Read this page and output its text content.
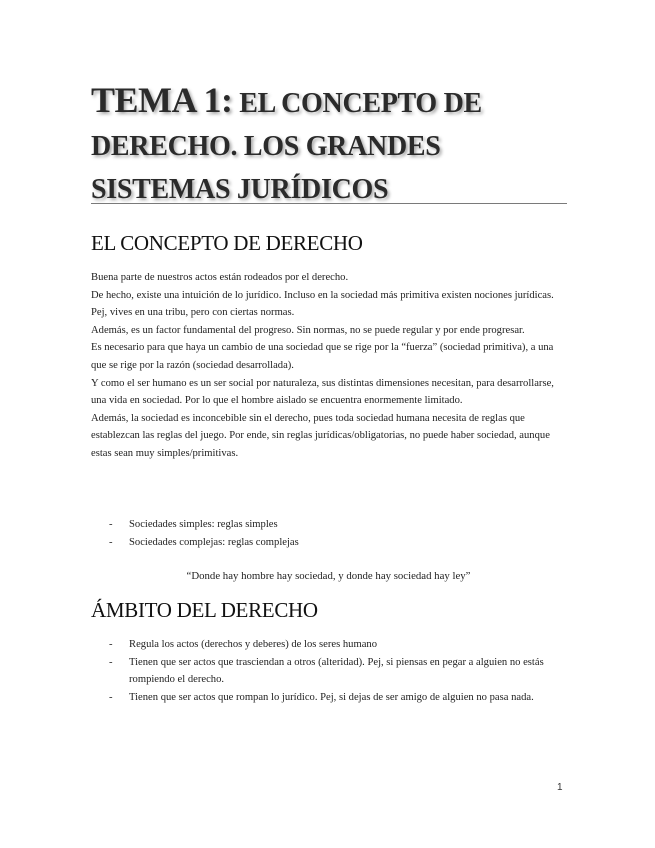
TEMA 1: EL CONCEPTO DE DERECHO. LOS GRANDES SISTEMAS JURÍDICOS
EL CONCEPTO DE DERECHO

Buena parte de nuestros actos están rodeados por el derecho.

De hecho, existe una intuición de lo jurídico. Incluso en la sociedad más primitiva existen nociones jurídicas. Pej, vives en una tribu, pero con ciertas normas.

Además, es un factor fundamental del progreso. Sin normas, no se puede regular y por ende progresar.

Es necesario para que haya un cambio de una sociedad que se rige por la “fuerza” (sociedad primitiva), a una que se rige por la razón (sociedad desarrollada).

Y como el ser humano es un ser social por naturaleza, sus distintas dimensiones necesitan, para desarrollarse, una vida en sociedad. Por lo que el hombre aislado se encuentra enormemente limitado.

Además, la sociedad es inconcebible sin el derecho, pues toda sociedad humana necesita de reglas que establezcan las reglas del juego. Por ende, sin reglas jurídicas/obligatorias, no puede haber sociedad, aunque estas sean muy simples/primitivas.

- Sociedades simples: reglas simples
- Sociedades complejas: reglas complejas
“Donde hay hombre hay sociedad, y donde hay sociedad hay ley”
ÁMBITO DEL DERECHO
- Regula los actos (derechos y deberes) de los seres humano
- Tienen que ser actos que trasciendan a otros (alteridad). Pej, si piensas en pegar a alguien no estás rompiendo el derecho.
- Tienen que ser actos que rompan lo jurídico. Pej, si dejas de ser amigo de alguien no pasa nada.
1
